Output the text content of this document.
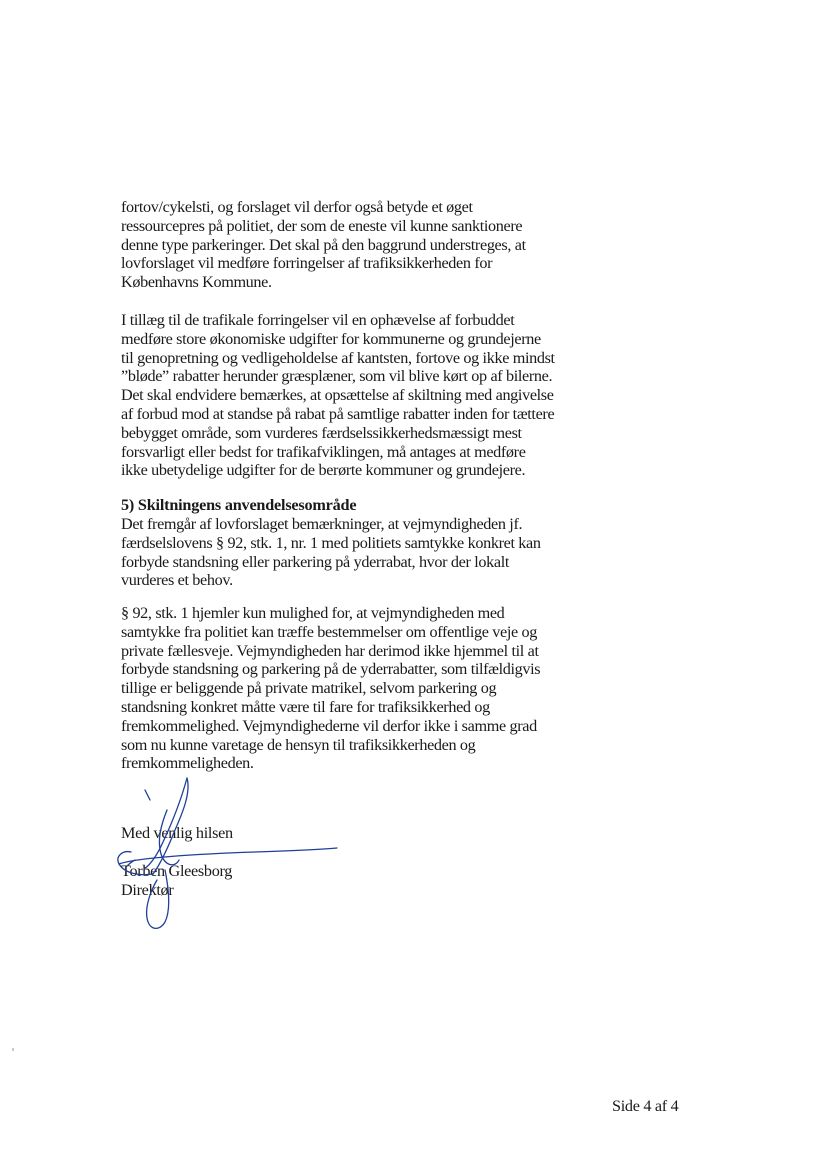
fortov/cykelsti, og forslaget vil derfor også betyde et øget
ressourcepres på politiet, der som de eneste vil kunne sanktionere
denne type parkeringer. Det skal på den baggrund understreges, at
lovforslaget vil medføre forringelser af trafiksikkerheden for
Københavns Kommune.

I tillæg til de trafikale forringelser vil en ophævelse af forbuddet
medføre store økonomiske udgifter for kommunerne og grundejerne
til genopretning og vedligeholdelse af kantsten, fortove og ikke mindst
”bløde” rabatter herunder græsplæner, som vil blive kørt op af bilerne.
Det skal endvidere bemærkes, at opsættelse af skiltning med angivelse
af forbud mod at standse på rabat på samtlige rabatter inden for tættere
bebygget område, som vurderes færdselssikkerhedsmæssigt mest
forsvarligt eller bedst for trafikafviklingen, må antages at medføre
ikke ubetydelige udgifter for de berørte kommuner og grundejere.

5) Skiltningens anvendelsesområde

Det fremgår af lovforslaget bemærkninger, at vejmyndigheden jf.
færdselslovens § 92, stk. 1, nr. 1 med politiets samtykke konkret kan
forbyde standsning eller parkering på yderrabat, hvor der lokalt
vurderes et behov.

§ 92, stk. 1 hjemler kun mulighed for, at vejmyndigheden med
samtykke fra politiet kan træffe bestemmelser om offentlige veje og
private fællesveje. Vejmyndigheden har derimod ikke hjemmel til at
forbyde standsning og parkering på de yderrabatter, som tilfældigvis
tillige er beliggende på private matrikel, selvom parkering og
standsning konkret måtte være til fare for trafiksikkerhed og
fremkommelighed. Vejmyndighederne vil derfor ikke i samme grad
som nu kunne varetage de hensyn til trafiksikkerheden og
fremkommeligheden.

Med venlig hilsen
Torben Gleesborg
Direktør
Side 4 af 4
